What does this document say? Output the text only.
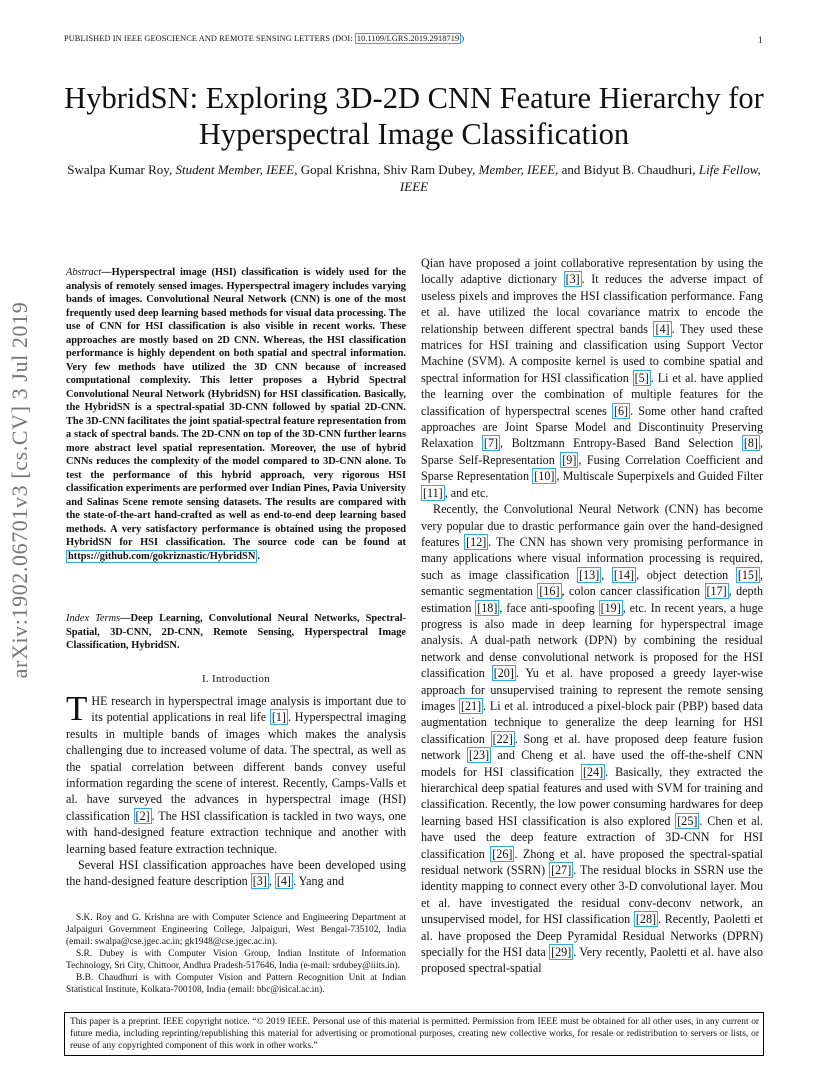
PUBLISHED IN IEEE GEOSCIENCE AND REMOTE SENSING LETTERS (DOI: 10.1109/LGRS.2019.2918719 )	1
HybridSN: Exploring 3D-2D CNN Feature Hierarchy for Hyperspectral Image Classification
Swalpa Kumar Roy, Student Member, IEEE, Gopal Krishna, Shiv Ram Dubey, Member, IEEE, and Bidyut B. Chaudhuri, Life Fellow, IEEE
arXiv:1902.06701v3 [cs.CV] 3 Jul 2019

Abstract—Hyperspectral image (HSI) classification is widely used for the analysis of remotely sensed images. Hyperspectral imagery includes varying bands of images. Convolutional Neural Network (CNN) is one of the most frequently used deep learning based methods for visual data processing. The use of CNN for HSI classification is also visible in recent works. These approaches are mostly based on 2D CNN. Whereas, the HSI classification performance is highly dependent on both spatial and spectral information. Very few methods have utilized the 3D CNN because of increased computational complexity. This letter proposes a Hybrid Spectral Convolutional Neural Network (HybridSN) for HSI classification. Basically, the HybridSN is a spectral-spatial 3D-CNN followed by spatial 2D-CNN. The 3D-CNN facilitates the joint spatial-spectral feature representation from a stack of spectral bands. The 2D-CNN on top of the 3D-CNN further learns more abstract level spatial representation. Moreover, the use of hybrid CNNs reduces the complexity of the model compared to 3D-CNN alone. To test the performance of this hybrid approach, very rigorous HSI classification experiments are performed over Indian Pines, Pavia University and Salinas Scene remote sensing datasets. The results are compared with the state-of-the-art hand-crafted as well as end-to-end deep learning based methods. A very satisfactory performance is obtained using the proposed HybridSN for HSI classification. The source code can be found at https://github.com/gokriznastic/HybridSN .

Index Terms—Deep Learning, Convolutional Neural Networks, Spectral-Spatial, 3D-CNN, 2D-CNN, Remote Sensing, Hyperspectral Image Classification, HybridSN.

I. Introduction

THE research in hyperspectral image analysis is important due to its potential applications in real life [1] . Hyperspectral imaging results in multiple bands of images which makes the analysis challenging due to increased volume of data. The spectral, as well as the spatial correlation between different bands convey useful information regarding the scene of interest. Recently, Camps-Valls et al. have surveyed the advances in hyperspectral image (HSI) classification [2] . The HSI classification is tackled in two ways, one with hand-designed feature extraction technique and another with learning based feature extraction technique.

Several HSI classification approaches have been developed using the hand-designed feature description [3] , [4] . Yang and

S.K. Roy and G. Krishna are with Computer Science and Engineering Department at Jalpaiguri Government Engineering College, Jalpaiguri, West Bengal-735102, India (email: swalpa@cse.jgec.ac.in; gk1948@cse.jgec.ac.in).

S.R. Dubey is with Computer Vision Group, Indian Institute of Information Technology, Sri City, Chittoor, Andhra Pradesh-517646, India (e-mail: srdubey@iiits.in).

B.B. Chaudhuri is with Computer Vision and Pattern Recognition Unit at Indian Statistical Institute, Kolkata-700108, India (email: bbc@isical.ac.in).

Qian have proposed a joint collaborative representation by using the locally adaptive dictionary [3] . It reduces the adverse impact of useless pixels and improves the HSI classification performance. Fang et al. have utilized the local covariance matrix to encode the relationship between different spectral bands [4] . They used these matrices for HSI training and classification using Support Vector Machine (SVM). A composite kernel is used to combine spatial and spectral information for HSI classification [5] . Li et al. have applied the learning over the combination of multiple features for the classification of hyperspectral scenes [6] . Some other hand crafted approaches are Joint Sparse Model and Discontinuity Preserving Relaxation [7] , Boltzmann Entropy-Based Band Selection [8] , Sparse Self-Representation [9] , Fusing Correlation Coefficient and Sparse Representation [10] , Multiscale Superpixels and Guided Filter [11] , and etc.

Recently, the Convolutional Neural Network (CNN) has become very popular due to drastic performance gain over the hand-designed features [12] . The CNN has shown very promising performance in many applications where visual information processing is required, such as image classification [13] , [14] , object detection [15] , semantic segmentation [16] , colon cancer classification [17] , depth estimation [18] , face anti-spoofing [19] , etc. In recent years, a huge progress is also made in deep learning for hyperspectral image analysis. A dual-path network (DPN) by combining the residual network and dense convolutional network is proposed for the HSI classification [20] . Yu et al. have proposed a greedy layer-wise approach for unsupervised training to represent the remote sensing images [21] . Li et al. introduced a pixel-block pair (PBP) based data augmentation technique to generalize the deep learning for HSI classification [22] . Song et al. have proposed deep feature fusion network [23] and Cheng et al. have used the off-the-shelf CNN models for HSI classification [24] . Basically, they extracted the hierarchical deep spatial features and used with SVM for training and classification. Recently, the low power consuming hardwares for deep learning based HSI classification is also explored [25] . Chen et al. have used the deep feature extraction of 3D-CNN for HSI classification [26] . Zhong et al. have proposed the spectral-spatial residual network (SSRN) [27] . The residual blocks in SSRN use the identity mapping to connect every other 3-D convolutional layer. Mou et al. have investigated the residual conv-deconv network, an unsupervised model, for HSI classification [28] . Recently, Paoletti et al. have proposed the Deep Pyramidal Residual Networks (DPRN) specially for the HSI data [29] . Very recently, Paoletti et al. have also proposed spectral-spatial

This paper is a preprint. IEEE copyright notice. “© 2019 IEEE. Personal use of this material is permitted. Permission from IEEE must be obtained for all other uses, in any current or future media, including reprinting/republishing this material for advertising or promotional purposes, creating new collective works, for resale or redistribution to servers or lists, or reuse of any copyrighted component of this work in other works.”
